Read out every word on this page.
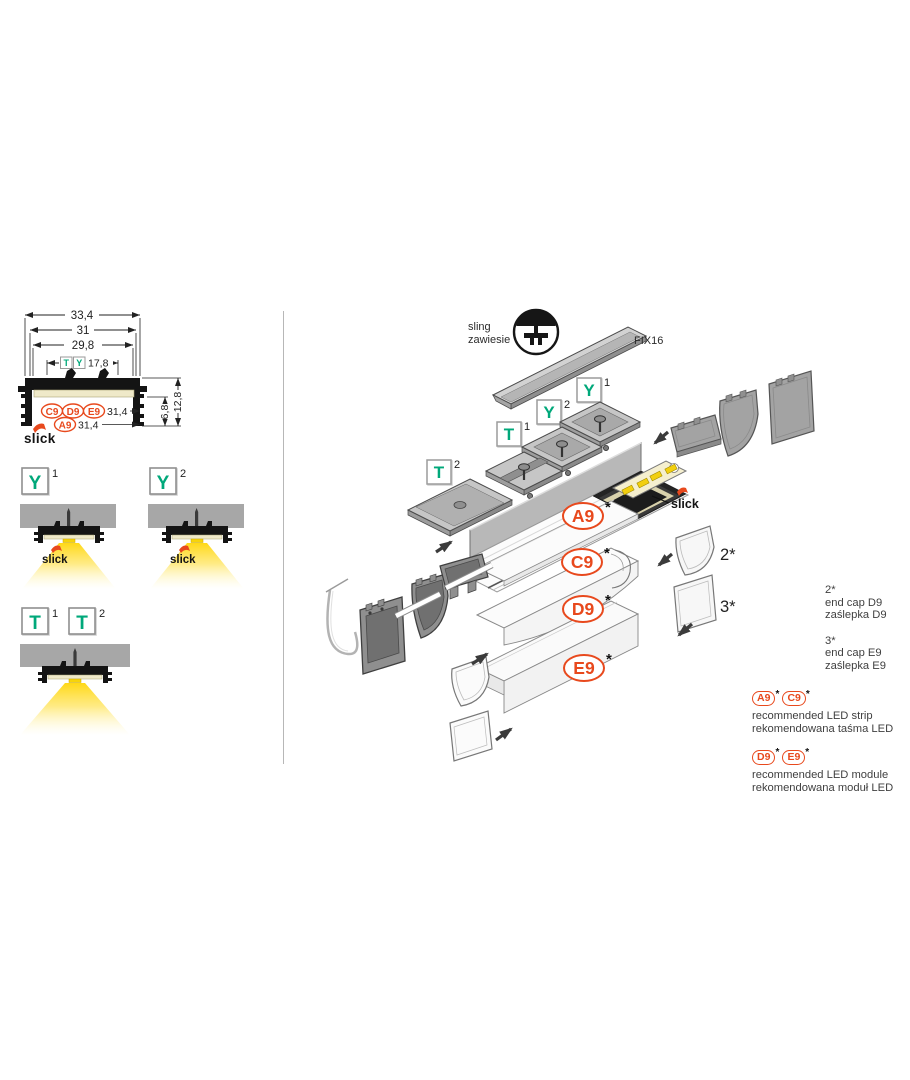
33,4
31
29,8
T Y 17,8
6,8 12,8
C9 D9 E9 31,4
A9 31,4
slick
Y 1
slick
Y 2
slick
T 1 T 2
FIX16
sling
zawiesie
Y 1
Y 2
T 1
T 2
slick
A9 *
C9 *
D9 *
E9 *
2*
3*
2*
end cap D9
zaślepka D9
3*
end cap E9
zaślepka E9
A9 * C9 *
recommended LED strip
rekomendowana taśma LED
D9 * E9 *
recommended LED module
rekomendowana moduł LED
